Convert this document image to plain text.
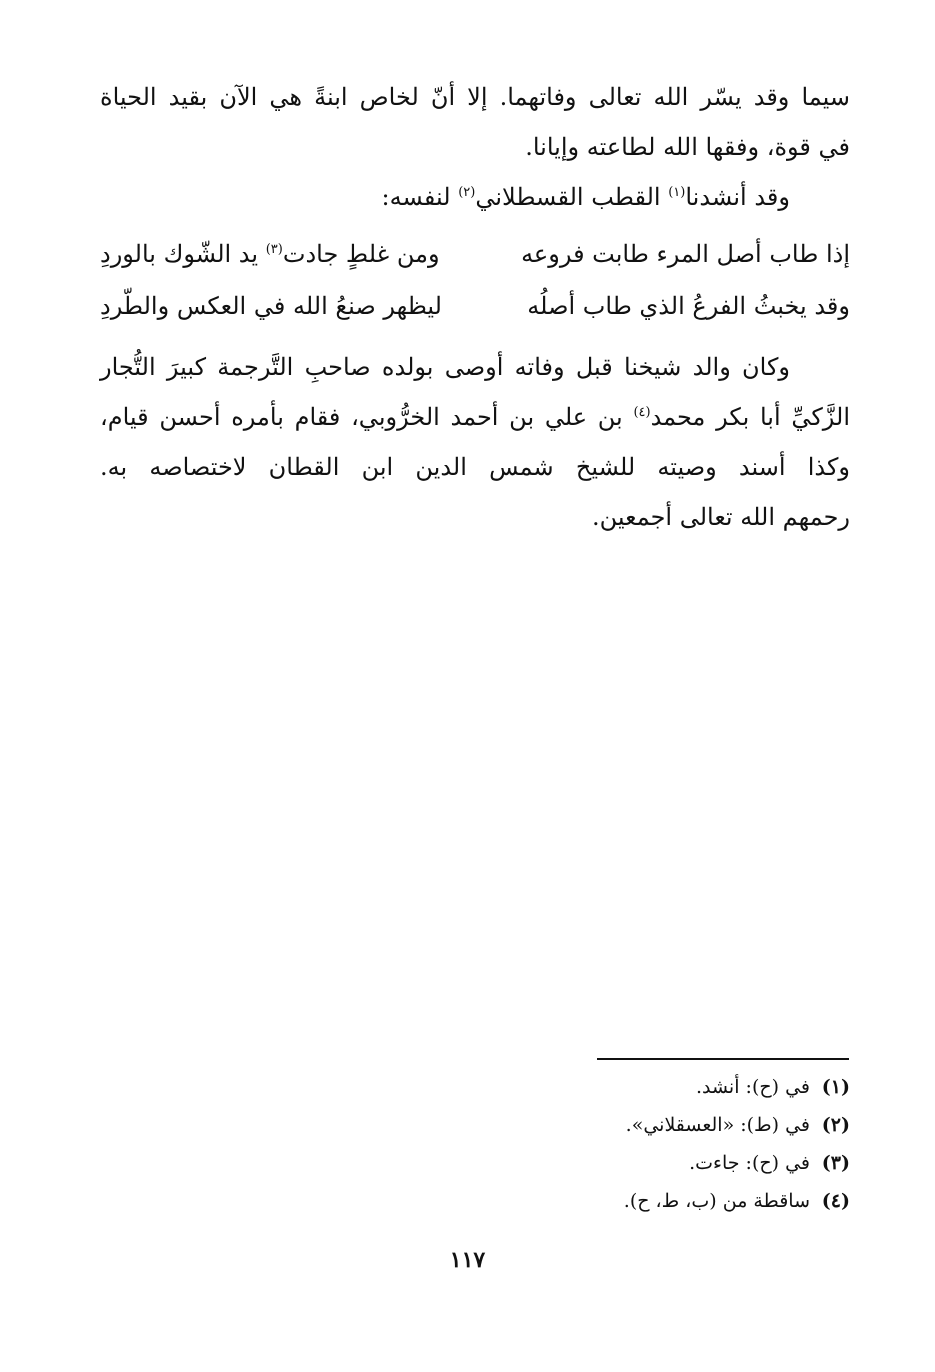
سيما وقد يسّر الله تعالى وفاتهما. إلا أنّ لخاص ابنةً هي الآن بقيد الحياة
في قوة، وفقها الله لطاعته وإيانا.
وقد أنشدنا$^{(١)}$ القطب القسطلاني$^{(٢)}$ لنفسه:
إذا طاب أصل المرء طابت فروعه
ومن غلطٍ جادت$^{(٣)}$ يد الشّوك بالوردِ
وقد يخبثُ الفرعُ الذي طاب أصلُه
ليظهر صنعُ الله في العكس والطّردِ
وكان والد شيخنا قبل وفاته أوصى بولده صاحبِ التَّرجمة كبيرَ التُّجار
الزَّكيِّ أبا بكر محمد$^{(٤)}$ بن علي بن أحمد الخرُّوبي، فقام بأمره أحسن قيام،
وكذا أسند وصيته للشيخ شمس الدين ابن القطان لاختصاصه به.
رحمهم الله تعالى أجمعين.
(١)
في (ح): أنشد.
(٢)
في (ط): «العسقلاني».
(٣)
في (ح): جاءت.
(٤)
ساقطة من (ب، ط، ح).
١١٧
